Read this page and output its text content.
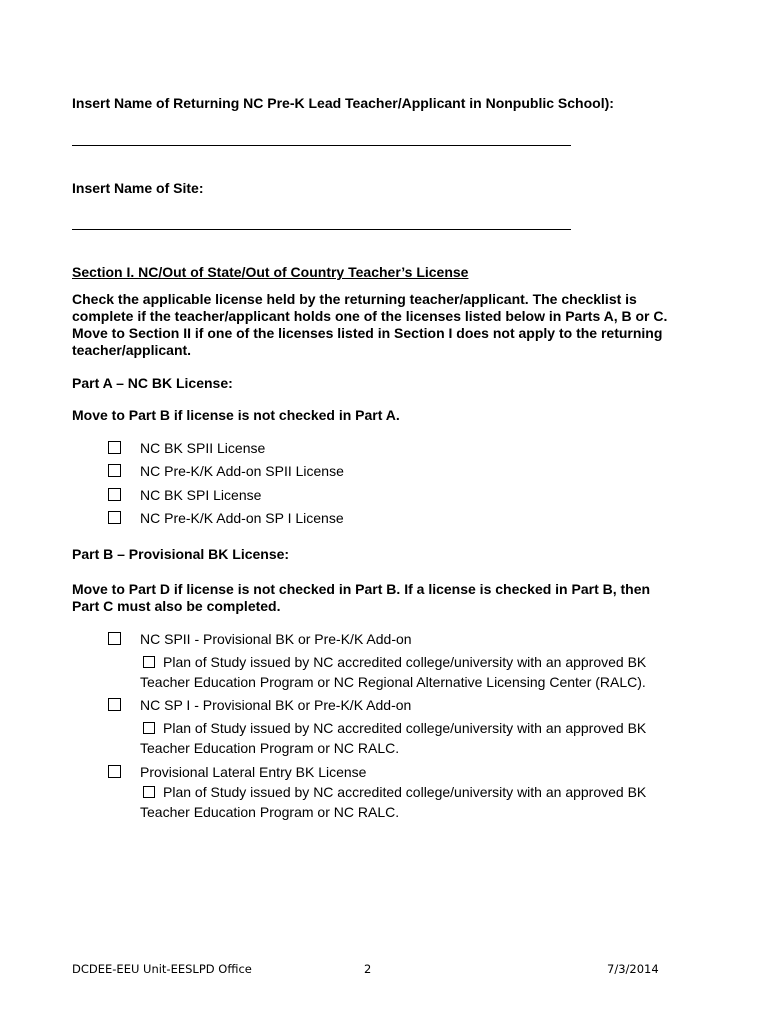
Insert Name of Returning NC Pre-K Lead Teacher/Applicant in Nonpublic School):
Insert Name of Site:
Section I. NC/Out of State/Out of Country Teacher’s License
Check the applicable license held by the returning teacher/applicant. The checklist is
complete if the teacher/applicant holds one of the licenses listed below in Parts A, B or C.
Move to Section II if one of the licenses listed in Section I does not apply to the returning
teacher/applicant.
Part A – NC BK License:
Move to Part B if license is not checked in Part A.
NC BK SPII License
NC Pre-K/K Add-on SPII License
NC BK SPI License
NC Pre-K/K Add-on SP I License
Part B – Provisional BK License:
Move to Part D if license is not checked in Part B. If a license is checked in Part B, then
Part C must also be completed.
NC SPII - Provisional BK or Pre-K/K Add-on
Plan of Study issued by NC accredited college/university with an approved BK
Teacher Education Program or NC Regional Alternative Licensing Center (RALC).
NC SP I - Provisional BK or Pre-K/K Add-on
Plan of Study issued by NC accredited college/university with an approved BK
Teacher Education Program or NC RALC.
Provisional Lateral Entry BK License
Plan of Study issued by NC accredited college/university with an approved BK
Teacher Education Program or NC RALC.
DCDEE-EEU Unit-EESLPD Office	2	7/3/2014
